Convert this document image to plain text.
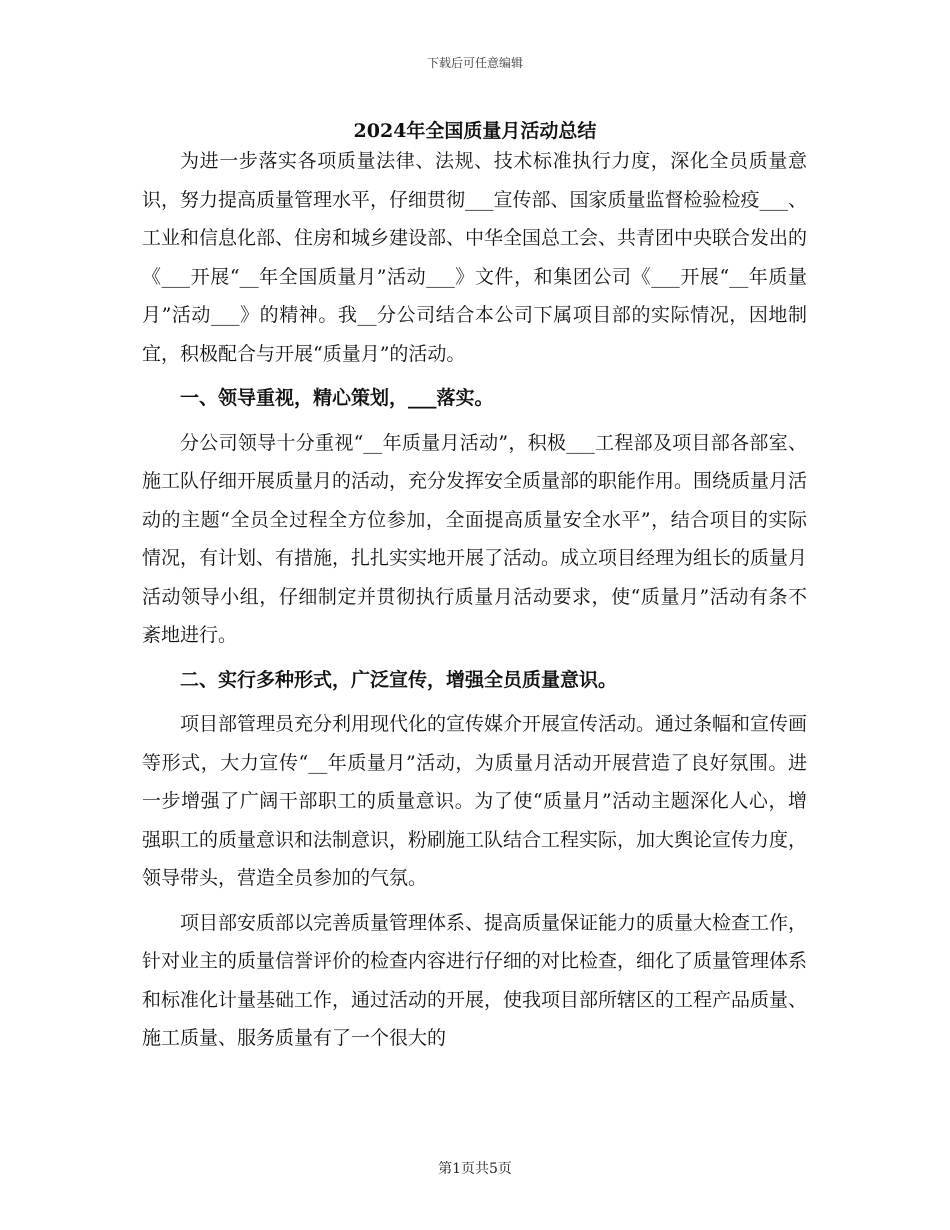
下载后可任意编辑
2024年全国质量月活动总结

为进一步落实各项质量法律、法规、技术标准执行力度，深化全员质量意识，努力提高质量管理水平，仔细贯彻___宣传部、国家质量监督检验检疫___、工业和信息化部、住房和城乡建设部、中华全国总工会、共青团中央联合发出的《___开展“__年全国质量月”活动___》文件，和集团公司《___开展“__年质量月”活动___》的精神。我__分公司结合本公司下属项目部的实际情况，因地制宜，积极配合与开展“质量月”的活动。

一、领导重视，精心策划，___落实。

分公司领导十分重视“__年质量月活动”，积极___工程部及项目部各部室、施工队仔细开展质量月的活动，充分发挥安全质量部的职能作用。围绕质量月活动的主题“全员全过程全方位参加，全面提高质量安全水平”，结合项目的实际情况，有计划、有措施，扎扎实实地开展了活动。成立项目经理为组长的质量月活动领导小组，仔细制定并贯彻执行质量月活动要求，使“质量月”活动有条不紊地进行。

二、实行多种形式，广泛宣传，增强全员质量意识。

项目部管理员充分利用现代化的宣传媒介开展宣传活动。通过条幅和宣传画等形式，大力宣传“__年质量月”活动，为质量月活动开展营造了良好氛围。进一步增强了广阔干部职工的质量意识。为了使“质量月”活动主题深化人心，增强职工的质量意识和法制意识，粉刷施工队结合工程实际，加大舆论宣传力度，领导带头，营造全员参加的气氛。

项目部安质部以完善质量管理体系、提高质量保证能力的质量大检查工作，针对业主的质量信誉评价的检查内容进行仔细的对比检查，细化了质量管理体系和标准化计量基础工作，通过活动的开展，使我项目部所辖区的工程产品质量、施工质量、服务质量有了一个很大的

第1页共5页
